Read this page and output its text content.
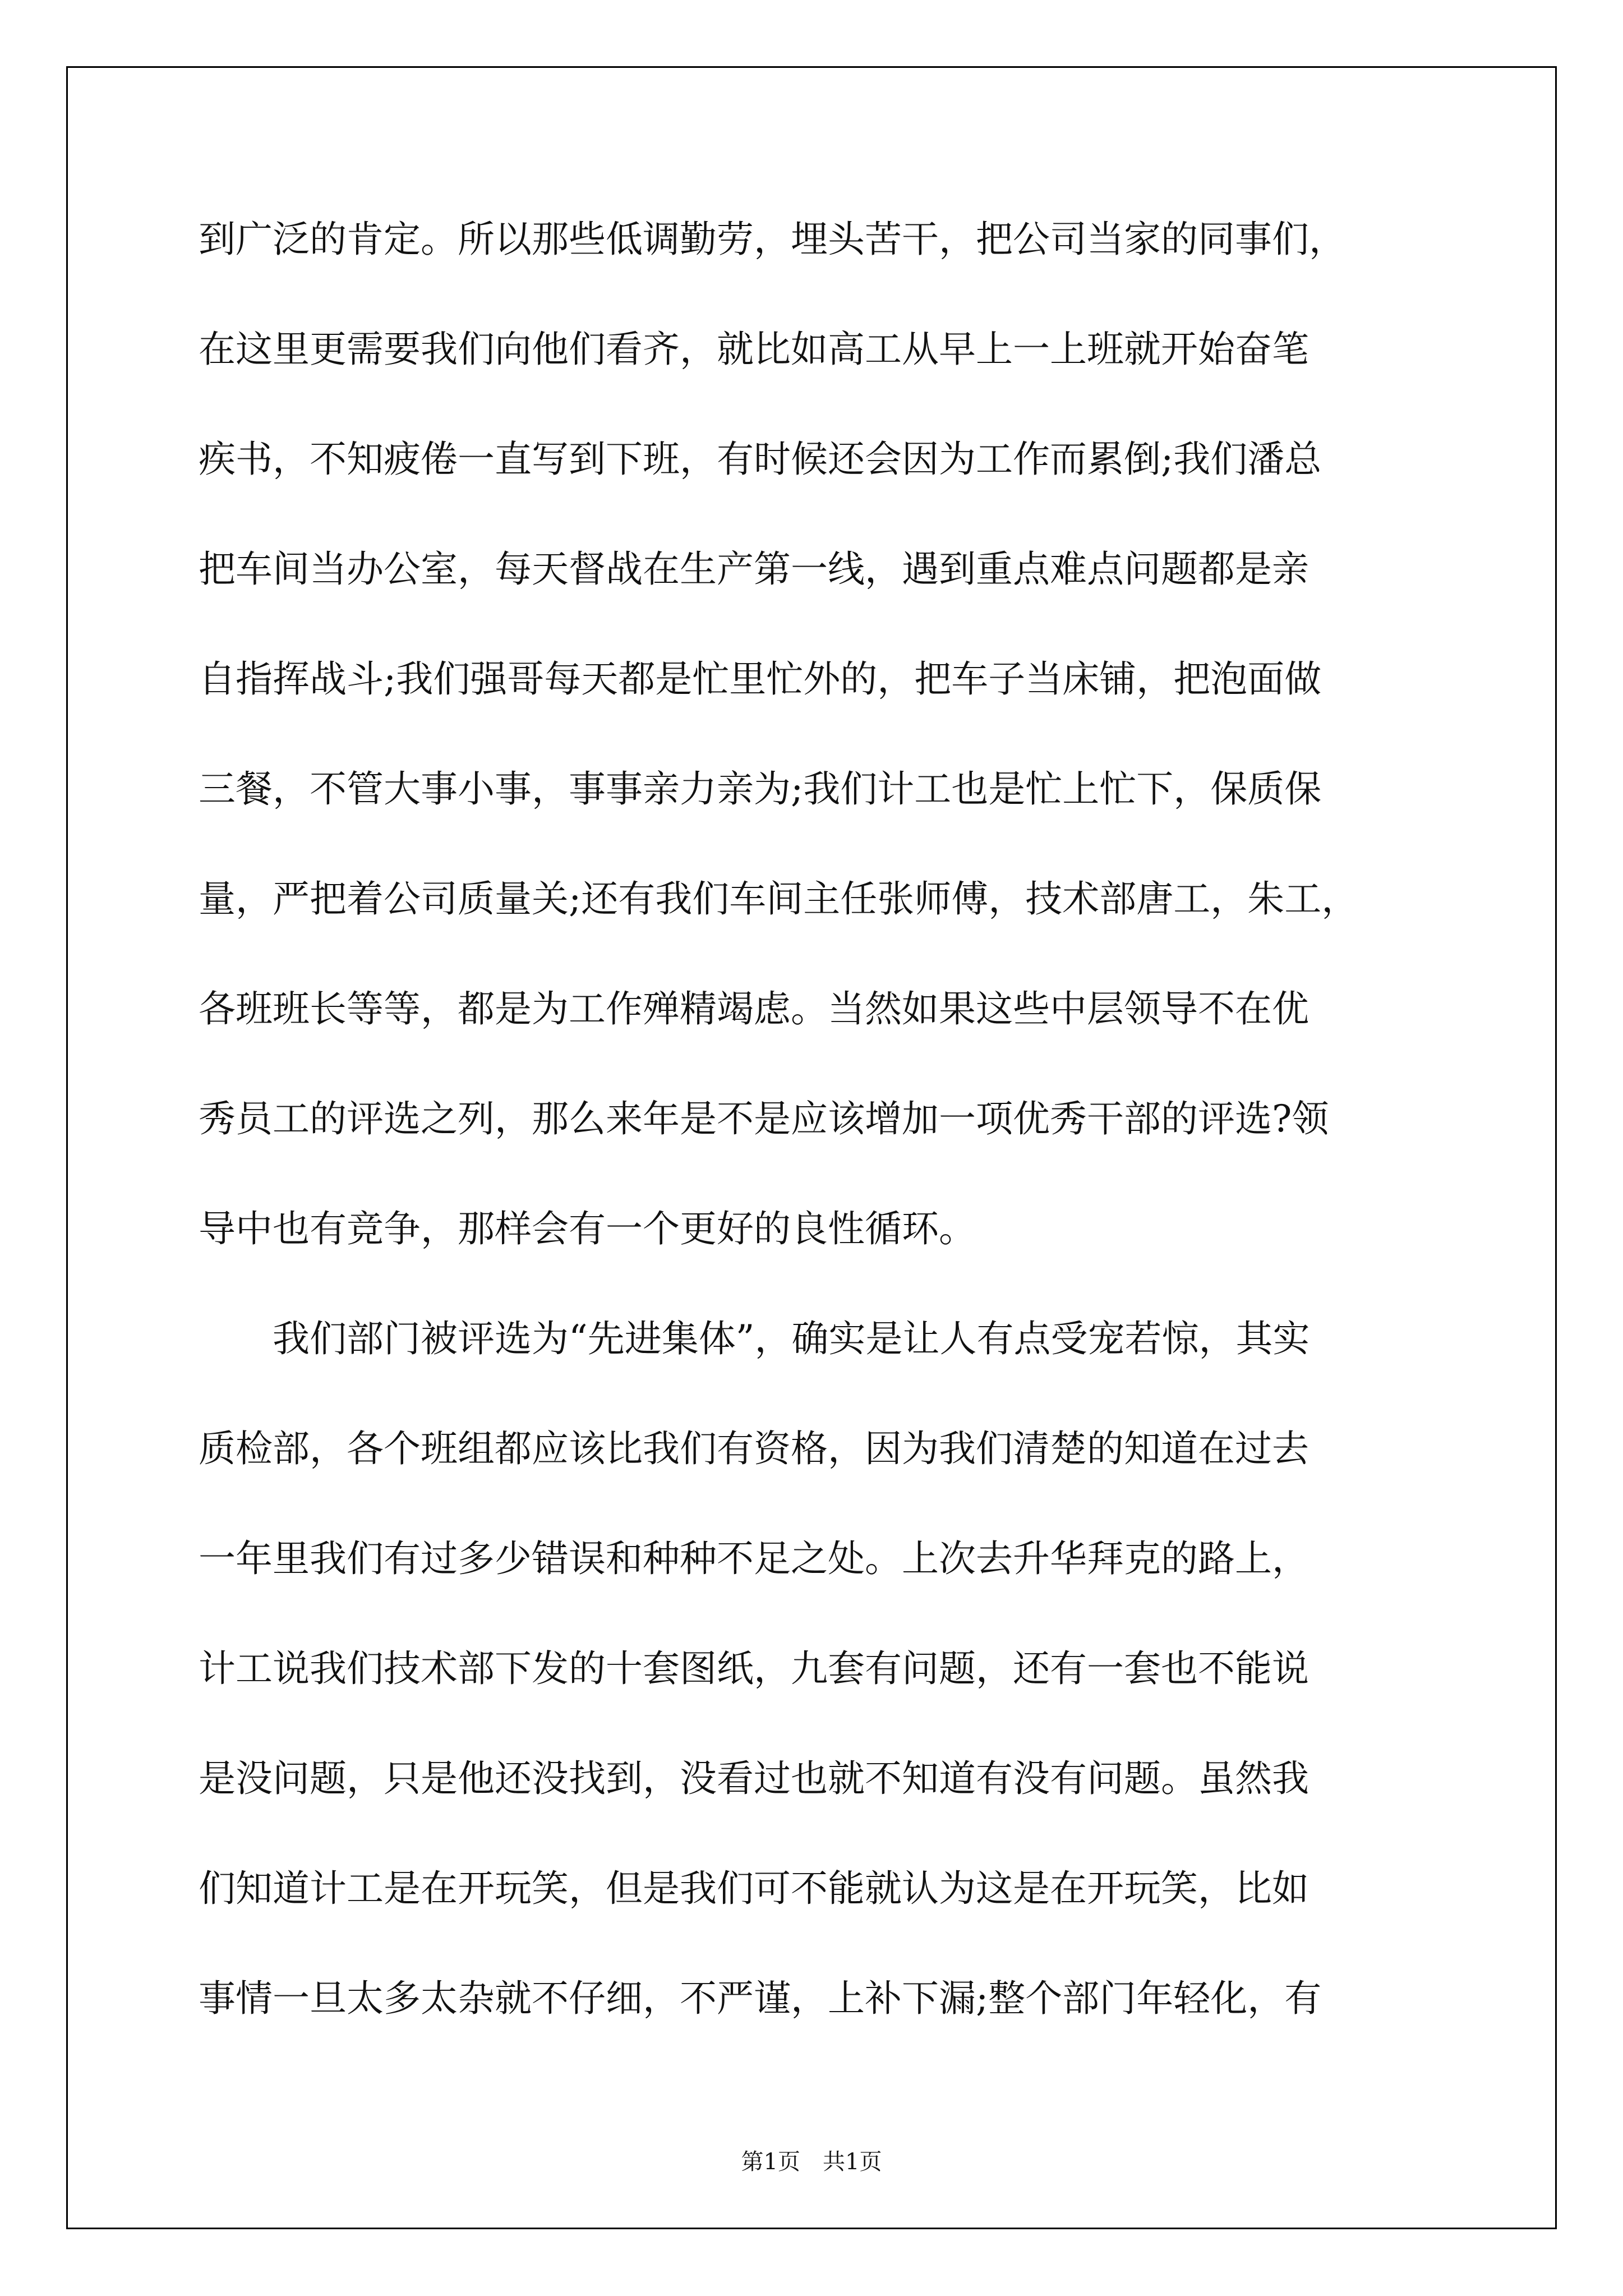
到广泛的肯定。所以那些低调勤劳，埋头苦干，把公司当家的同事们，
在这里更需要我们向他们看齐，就比如高工从早上一上班就开始奋笔
疾书，不知疲倦一直写到下班，有时候还会因为工作而累倒;我们潘总
把车间当办公室，每天督战在生产第一线，遇到重点难点问题都是亲
自指挥战斗;我们强哥每天都是忙里忙外的，把车子当床铺，把泡面做
三餐，不管大事小事，事事亲力亲为;我们计工也是忙上忙下，保质保
量，严把着公司质量关;还有我们车间主任张师傅，技术部唐工，朱工，
各班班长等等，都是为工作殚精竭虑。当然如果这些中层领导不在优
秀员工的评选之列，那么来年是不是应该增加一项优秀干部的评选?领
导中也有竞争，那样会有一个更好的良性循环。
　　我们部门被评选为“先进集体”，确实是让人有点受宠若惊，其实
质检部，各个班组都应该比我们有资格，因为我们清楚的知道在过去
一年里我们有过多少错误和种种不足之处。上次去升华拜克的路上，
计工说我们技术部下发的十套图纸，九套有问题，还有一套也不能说
是没问题，只是他还没找到，没看过也就不知道有没有问题。虽然我
们知道计工是在开玩笑，但是我们可不能就认为这是在开玩笑，比如
事情一旦太多太杂就不仔细，不严谨，上补下漏;整个部门年轻化，有
第1页　共1页
